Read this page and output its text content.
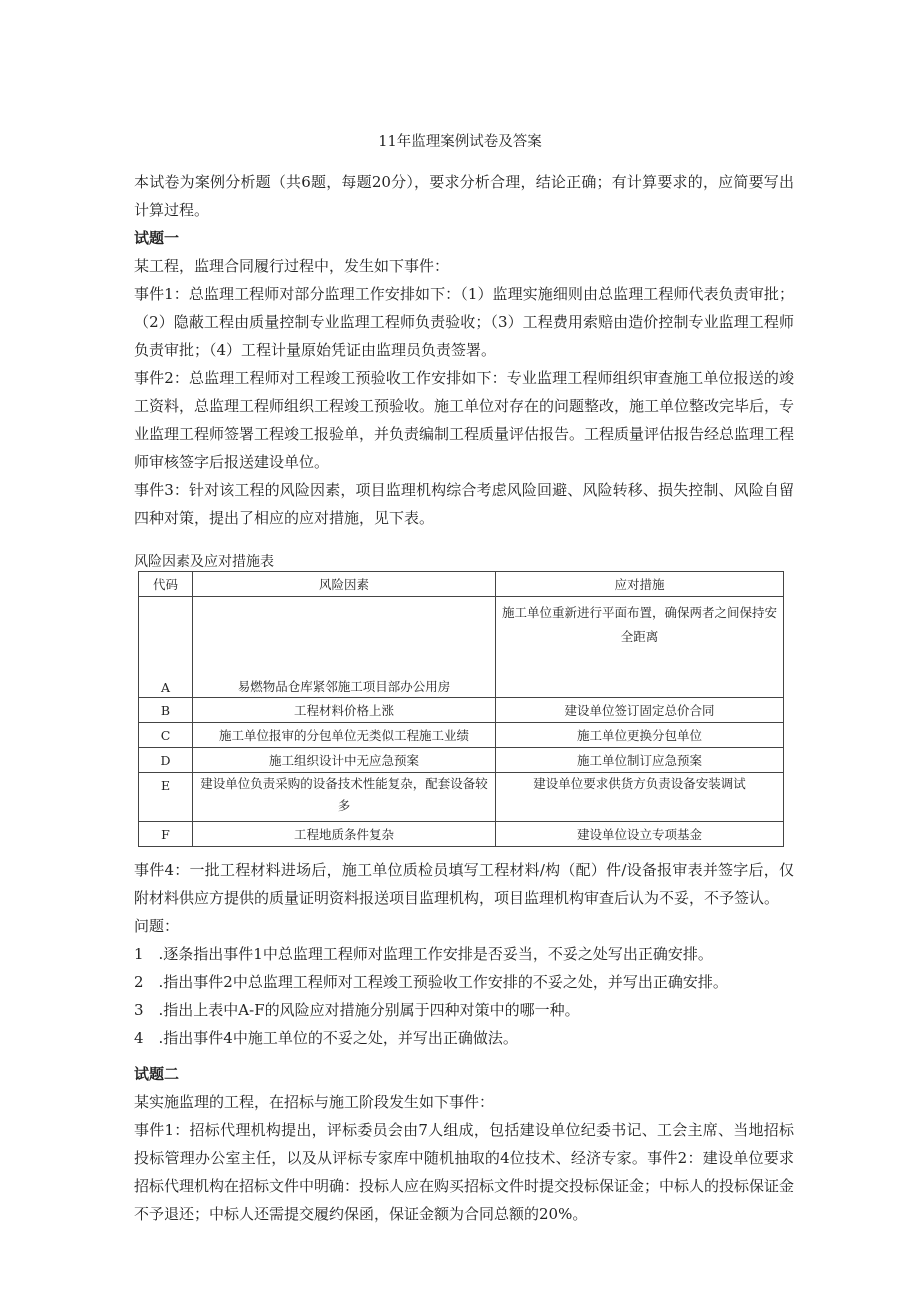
11年监理案例试卷及答案

本试卷为案例分析题（共6题，每题20分），要求分析合理，结论正确；有计算要求的，应简要写出计算过程。

试题一

某工程，监理合同履行过程中，发生如下事件：

事件1：总监理工程师对部分监理工作安排如下：（1）监理实施细则由总监理工程师代表负责审批；（2）隐蔽工程由质量控制专业监理工程师负责验收；（3）工程费用索赔由造价控制专业监理工程师负责审批；（4）工程计量原始凭证由监理员负责签署。

事件2：总监理工程师对工程竣工预验收工作安排如下：专业监理工程师组织审查施工单位报送的竣工资料，总监理工程师组织工程竣工预验收。施工单位对存在的问题整改，施工单位整改完毕后，专业监理工程师签署工程竣工报验单，并负责编制工程质量评估报告。工程质量评估报告经总监理工程师审核签字后报送建设单位。

事件3：针对该工程的风险因素，项目监理机构综合考虑风险回避、风险转移、损失控制、风险自留四种对策，提出了相应的应对措施，见下表。

风险因素及应对措施表
代码	风险因素	应对措施
A	易燃物品仓库紧邻施工项目部办公用房	施工单位重新进行平面布置，确保两者之间保持安全距离
B	工程材料价格上涨	建设单位签订固定总价合同
C	施工单位报审的分包单位无类似工程施工业绩	施工单位更换分包单位
D	施工组织设计中无应急预案	施工单位制订应急预案
E	建设单位负责采购的设备技术性能复杂，配套设备较多	建设单位要求供货方负责设备安装调试
F	工程地质条件复杂	建设单位设立专项基金

事件4：一批工程材料进场后，施工单位质检员填写工程材料/构（配）件/设备报审表并签字后，仅附材料供应方提供的质量证明资料报送项目监理机构，项目监理机构审查后认为不妥，不予签认。

问题：

1　.逐条指出事件1中总监理工程师对监理工作安排是否妥当，不妥之处写出正确安排。

2　.指出事件2中总监理工程师对工程竣工预验收工作安排的不妥之处，并写出正确安排。

3　.指出上表中A-F的风险应对措施分别属于四种对策中的哪一种。

4　.指出事件4中施工单位的不妥之处，并写出正确做法。

试题二

某实施监理的工程，在招标与施工阶段发生如下事件：

事件1：招标代理机构提出，评标委员会由7人组成，包括建设单位纪委书记、工会主席、当地招标投标管理办公室主任，以及从评标专家库中随机抽取的4位技术、经济专家。事件2：建设单位要求招标代理机构在招标文件中明确：投标人应在购买招标文件时提交投标保证金；中标人的投标保证金不予退还；中标人还需提交履约保函，保证金额为合同总额的20%。
